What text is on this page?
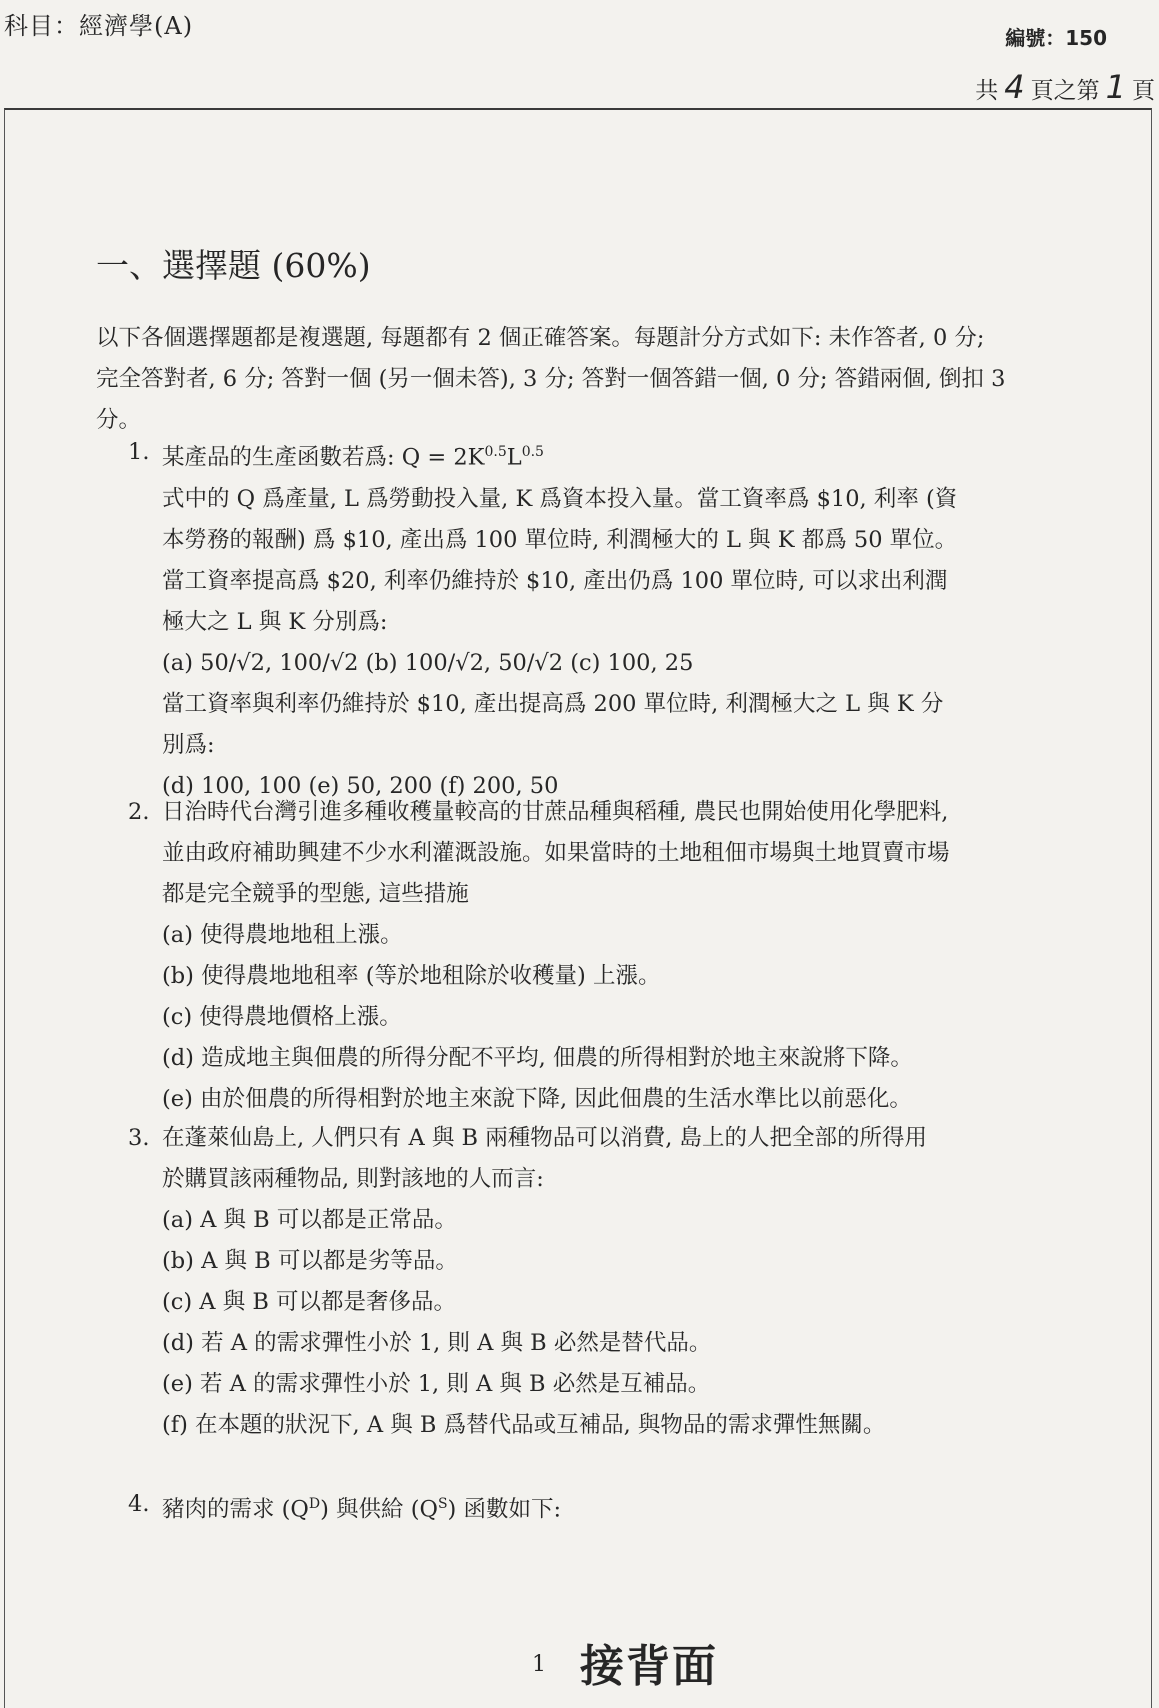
科目：經濟學(A)	編號：150
共 4 頁之第 1 頁
一、選擇題 (60%)
以下各個選擇題都是複選題, 每題都有 2 個正確答案。每題計分方式如下: 未作答者, 0 分; 完全答對者, 6 分; 答對一個 (另一個未答), 3 分; 答對一個答錯一個, 0 分; 答錯兩個, 倒扣 3 分。
1. 某產品的生產函數若爲: $Q = 2K^{0.5}L^{0.5}$
式中的 Q 爲產量, L 爲勞動投入量, K 爲資本投入量。當工資率爲 $10, 利率 (資
本勞務的報酬) 爲 $10, 產出爲 100 單位時, 利潤極大的 L 與 K 都爲 50 單位。
當工資率提高爲 $20, 利率仍維持於 $10, 產出仍爲 100 單位時, 可以求出利潤
極大之 L 與 K 分別爲:
(a) 50/√2, 100/√2 (b) 100/√2, 50/√2 (c) 100, 25
當工資率與利率仍維持於 $10, 產出提高爲 200 單位時, 利潤極大之 L 與 K 分
別爲:
(d) 100, 100 (e) 50, 200 (f) 200, 50
2. 日治時代台灣引進多種收穫量較高的甘蔗品種與稻種, 農民也開始使用化學肥料,
並由政府補助興建不少水利灌溉設施。如果當時的土地租佃市場與土地買賣市場
都是完全競爭的型態, 這些措施
(a) 使得農地地租上漲。
(b) 使得農地地租率 (等於地租除於收穫量) 上漲。
(c) 使得農地價格上漲。
(d) 造成地主與佃農的所得分配不平均, 佃農的所得相對於地主來說將下降。
(e) 由於佃農的所得相對於地主來說下降, 因此佃農的生活水準比以前惡化。
3. 在蓬萊仙島上, 人們只有 A 與 B 兩種物品可以消費, 島上的人把全部的所得用
於購買該兩種物品, 則對該地的人而言:
(a) A 與 B 可以都是正常品。
(b) A 與 B 可以都是劣等品。
(c) A 與 B 可以都是奢侈品。
(d) 若 A 的需求彈性小於 1, 則 A 與 B 必然是替代品。
(e) 若 A 的需求彈性小於 1, 則 A 與 B 必然是互補品。
(f) 在本題的狀況下, A 與 B 爲替代品或互補品, 與物品的需求彈性無關。
4. 豬肉的需求 $(Q^D)$ 與供給 $(Q^S)$ 函數如下:
1 接背面
